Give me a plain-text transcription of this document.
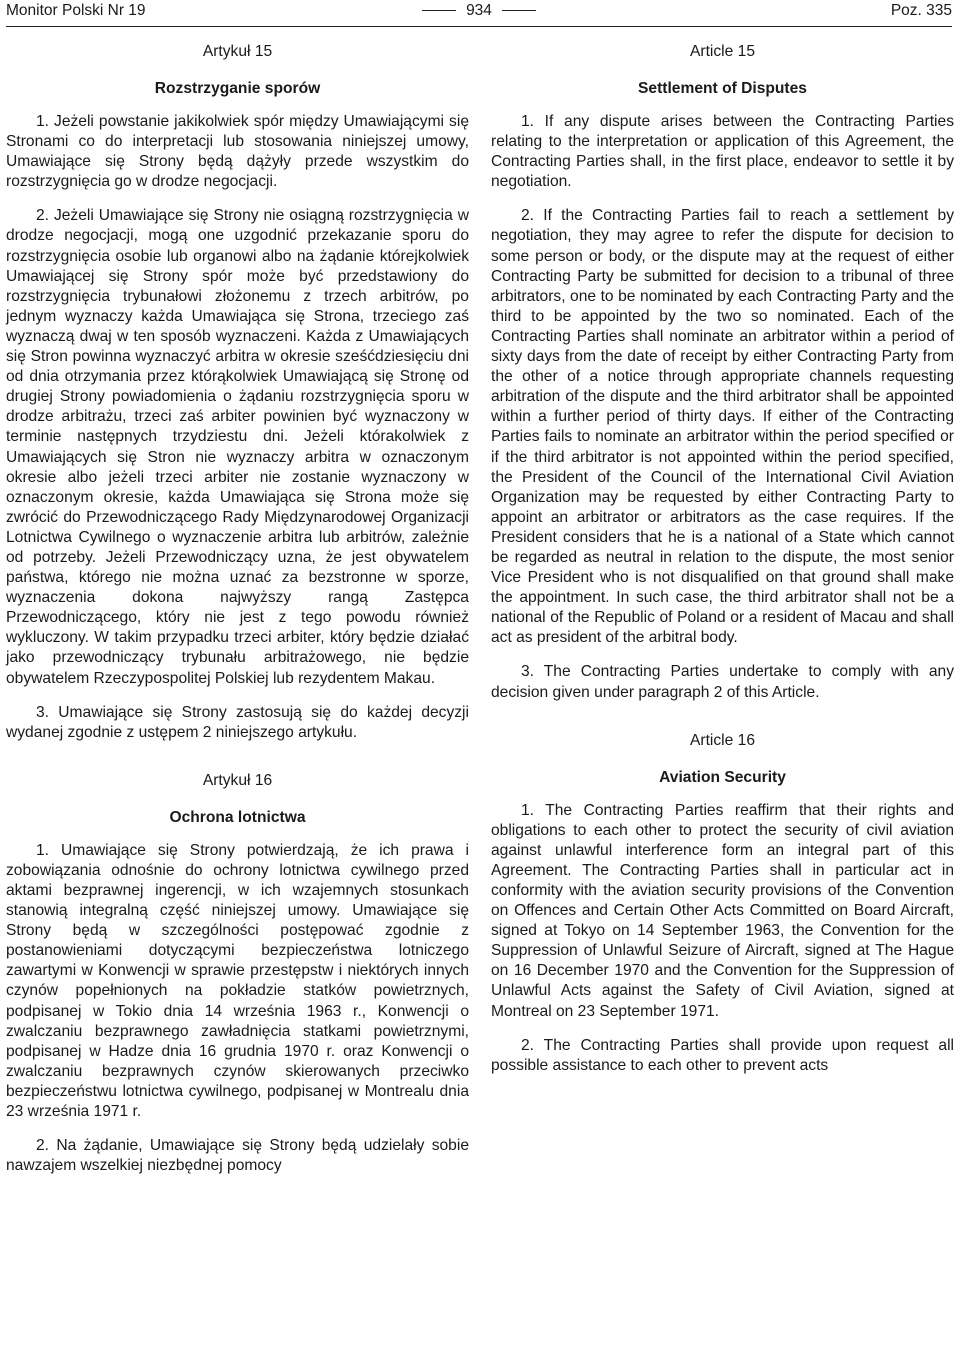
Monitor Polski Nr 19	934	Poz. 335
Artykuł 15
Rozstrzyganie sporów

1. Jeżeli powstanie jakikolwiek spór między Umawiającymi się Stronami co do interpretacji lub stosowania niniejszej umowy, Umawiające się Strony będą dążyły przede wszystkim do rozstrzygnięcia go w drodze negocjacji.

2. Jeżeli Umawiające się Strony nie osiągną rozstrzygnięcia w drodze negocjacji, mogą one uzgodnić przekazanie sporu do rozstrzygnięcia osobie lub organowi albo na żądanie którejkolwiek Umawiającej się Strony spór może być przedstawiony do rozstrzygnięcia trybunałowi złożonemu z trzech arbitrów, po jednym wyznaczy każda Umawiająca się Strona, trzeciego zaś wyznaczą dwaj w ten sposób wyznaczeni. Każda z Umawiających się Stron powinna wyznaczyć arbitra w okresie sześćdziesięciu dni od dnia otrzymania przez którąkolwiek Umawiającą się Stronę od drugiej Strony powiadomienia o żądaniu rozstrzygnięcia sporu w drodze arbitrażu, trzeci zaś arbiter powinien być wyznaczony w terminie następnych trzydziestu dni. Jeżeli którakolwiek z Umawiających się Stron nie wyznaczy arbitra w oznaczonym okresie albo jeżeli trzeci arbiter nie zostanie wyznaczony w oznaczonym okresie, każda Umawiająca się Strona może się zwrócić do Przewodniczącego Rady Międzynarodowej Organizacji Lotnictwa Cywilnego o wyznaczenie arbitra lub arbitrów, zależnie od potrzeby. Jeżeli Przewodniczący uzna, że jest obywatelem państwa, którego nie można uznać za bezstronne w sporze, wyznaczenia dokona najwyższy rangą Zastępca Przewodniczącego, który nie jest z tego powodu również wykluczony. W takim przypadku trzeci arbiter, który będzie działać jako przewodniczący trybunału arbitrażowego, nie będzie obywatelem Rzeczypospolitej Polskiej lub rezydentem Makau.

3. Umawiające się Strony zastosują się do każdej decyzji wydanej zgodnie z ustępem 2 niniejszego artykułu.

Artykuł 16
Ochrona lotnictwa

1. Umawiające się Strony potwierdzają, że ich prawa i zobowiązania odnośnie do ochrony lotnictwa cywilnego przed aktami bezprawnej ingerencji, w ich wzajemnych stosunkach stanowią integralną część niniejszej umowy. Umawiające się Strony będą w szczególności postępować zgodnie z postanowieniami dotyczącymi bezpieczeństwa lotniczego zawartymi w Konwencji w sprawie przestępstw i niektórych innych czynów popełnionych na pokładzie statków powietrznych, podpisanej w Tokio dnia 14 września 1963 r., Konwencji o zwalczaniu bezprawnego zawładnięcia statkami powietrznymi, podpisanej w Hadze dnia 16 grudnia 1970 r. oraz Konwencji o zwalczaniu bezprawnych czynów skierowanych przeciwko bezpieczeństwu lotnictwa cywilnego, podpisanej w Montrealu dnia 23 września 1971 r.

2. Na żądanie, Umawiające się Strony będą udzielały sobie nawzajem wszelkiej niezbędnej pomocy

Article 15
Settlement of Disputes

1. If any dispute arises between the Contracting Parties relating to the interpretation or application of this Agreement, the Contracting Parties shall, in the first place, endeavor to settle it by negotiation.

2. If the Contracting Parties fail to reach a settlement by negotiation, they may agree to refer the dispute for decision to some person or body, or the dispute may at the request of either Contracting Party be submitted for decision to a tribunal of three arbitrators, one to be nominated by each Contracting Party and the third to be appointed by the two so nominated. Each of the Contracting Parties shall nominate an arbitrator within a period of sixty days from the date of receipt by either Contracting Party from the other of a notice through appropriate channels requesting arbitration of the dispute and the third arbitrator shall be appointed within a further period of thirty days. If either of the Contracting Parties fails to nominate an arbitrator within the period specified or if the third arbitrator is not appointed within the period specified, the President of the Council of the International Civil Aviation Organization may be requested by either Contracting Party to appoint an arbitrator or arbitrators as the case requires. If the President considers that he is a national of a State which cannot be regarded as neutral in relation to the dispute, the most senior Vice President who is not disqualified on that ground shall make the appointment. In such case, the third arbitrator shall not be a national of the Republic of Poland or a resident of Macau and shall act as president of the arbitral body.

3. The Contracting Parties undertake to comply with any decision given under paragraph 2 of this Article.

Article 16
Aviation Security

1. The Contracting Parties reaffirm that their rights and obligations to each other to protect the security of civil aviation against unlawful interference form an integral part of this Agreement. The Contracting Parties shall in particular act in conformity with the aviation security provisions of the Convention on Offences and Certain Other Acts Committed on Board Aircraft, signed at Tokyo on 14 September 1963, the Convention for the Suppression of Unlawful Seizure of Aircraft, signed at The Hague on 16 December 1970 and the Convention for the Suppression of Unlawful Acts against the Safety of Civil Aviation, signed at Montreal on 23 September 1971.

2. The Contracting Parties shall provide upon request all possible assistance to each other to prevent acts
